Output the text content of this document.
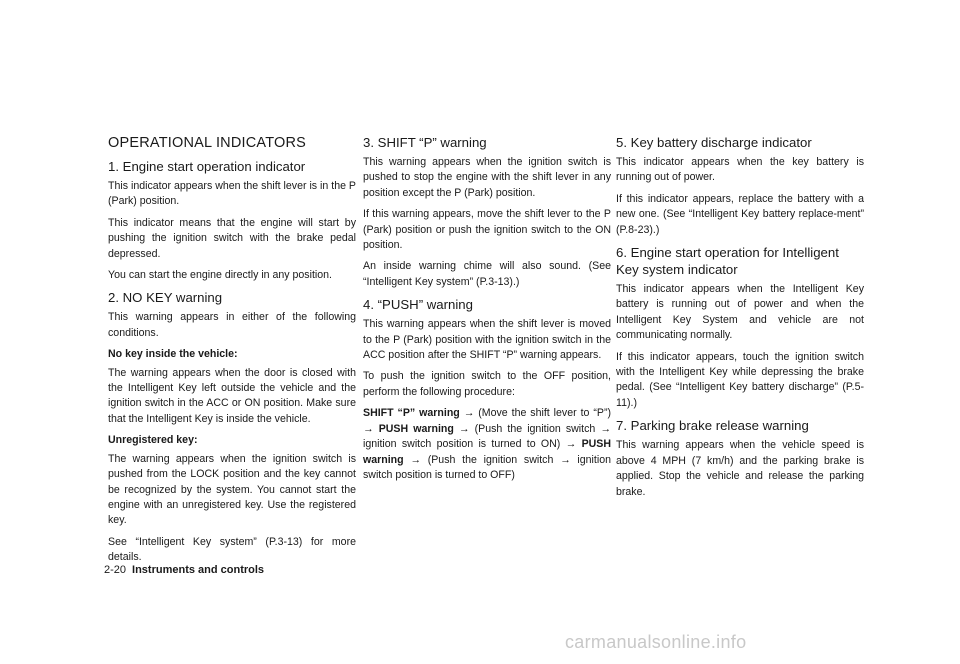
OPERATIONAL INDICATORS
1. Engine start operation indicator

This indicator appears when the shift lever is in the P (Park) position.

This indicator means that the engine will start by pushing the ignition switch with the brake pedal depressed.

You can start the engine directly in any position.

2. NO KEY warning

This warning appears in either of the following conditions.

No key inside the vehicle:

The warning appears when the door is closed with the Intelligent Key left outside the vehicle and the ignition switch in the ACC or ON position. Make sure that the Intelligent Key is inside the vehicle.

Unregistered key:

The warning appears when the ignition switch is pushed from the LOCK position and the key cannot be recognized by the system. You cannot start the engine with an unregistered key. Use the registered key.

See “Intelligent Key system” (P.3-13) for more details.

3. SHIFT “P” warning

This warning appears when the ignition switch is pushed to stop the engine with the shift lever in any position except the P (Park) position.

If this warning appears, move the shift lever to the P (Park) position or push the ignition switch to the ON position.

An inside warning chime will also sound. (See “Intelligent Key system” (P.3-13).)

4. “PUSH” warning

This warning appears when the shift lever is moved to the P (Park) position with the ignition switch in the ACC position after the SHIFT “P” warning appears.

To push the ignition switch to the OFF position, perform the following procedure:

SHIFT “P” warning → (Move the shift lever to “P”) → PUSH warning → (Push the ignition switch → ignition switch position is turned to ON) → PUSH warning → (Push the ignition switch → ignition switch position is turned to OFF)

5. Key battery discharge indicator

This indicator appears when the key battery is running out of power.

If this indicator appears, replace the battery with a new one. (See “Intelligent Key battery replace-ment” (P.8-23).)

6. Engine start operation for Intelligent Key system indicator

This indicator appears when the Intelligent Key battery is running out of power and when the Intelligent Key System and vehicle are not communicating normally.

If this indicator appears, touch the ignition switch with the Intelligent Key while depressing the brake pedal. (See “Intelligent Key battery discharge” (P.5-11).)

7. Parking brake release warning

This warning appears when the vehicle speed is above 4 MPH (7 km/h) and the parking brake is applied. Stop the vehicle and release the parking brake.

2-20 Instruments and controls
carmanualsonline.info
